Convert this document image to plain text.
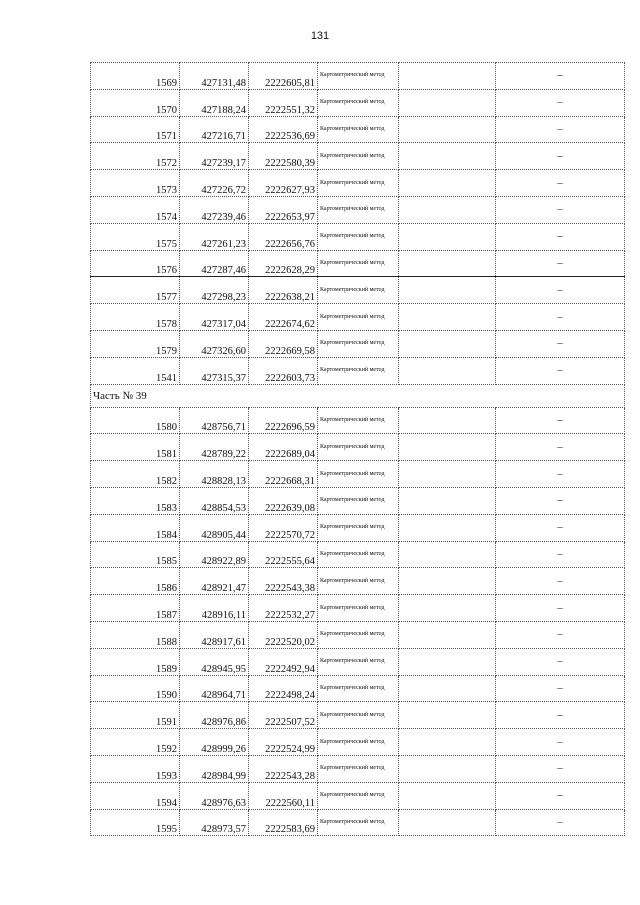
131
1569	427131,48	2222605,81	Картометрический метод		–
1570	427188,24	2222551,32	Картометрический метод		–
1571	427216,71	2222536,69	Картометрический метод		–
1572	427239,17	2222580,39	Картометрический метод		–
1573	427226,72	2222627,93	Картометрический метод		–
1574	427239,46	2222653,97	Картометрический метод		–
1575	427261,23	2222656,76	Картометрический метод		–
1576	427287,46	2222628,29	Картометрический метод		–
1577	427298,23	2222638,21	Картометрический метод		–
1578	427317,04	2222674,62	Картометрический метод		–
1579	427326,60	2222669,58	Картометрический метод		–
1541	427315,37	2222603,73	Картометрический метод		–
Часть № 39					
1580	428756,71	2222696,59	Картометрический метод		–
1581	428789,22	2222689,04	Картометрический метод		–
1582	428828,13	2222668,31	Картометрический метод		–
1583	428854,53	2222639,08	Картометрический метод		–
1584	428905,44	2222570,72	Картометрический метод		–
1585	428922,89	2222555,64	Картометрический метод		–
1586	428921,47	2222543,38	Картометрический метод		–
1587	428916,11	2222532,27	Картометрический метод		–
1588	428917,61	2222520,02	Картометрический метод		–
1589	428945,95	2222492,94	Картометрический метод		–
1590	428964,71	2222498,24	Картометрический метод		–
1591	428976,86	2222507,52	Картометрический метод		–
1592	428999,26	2222524,99	Картометрический метод		–
1593	428984,99	2222543,28	Картометрический метод		–
1594	428976,63	2222560,11	Картометрический метод		–
1595	428973,57	2222583,69	Картометрический метод		–
